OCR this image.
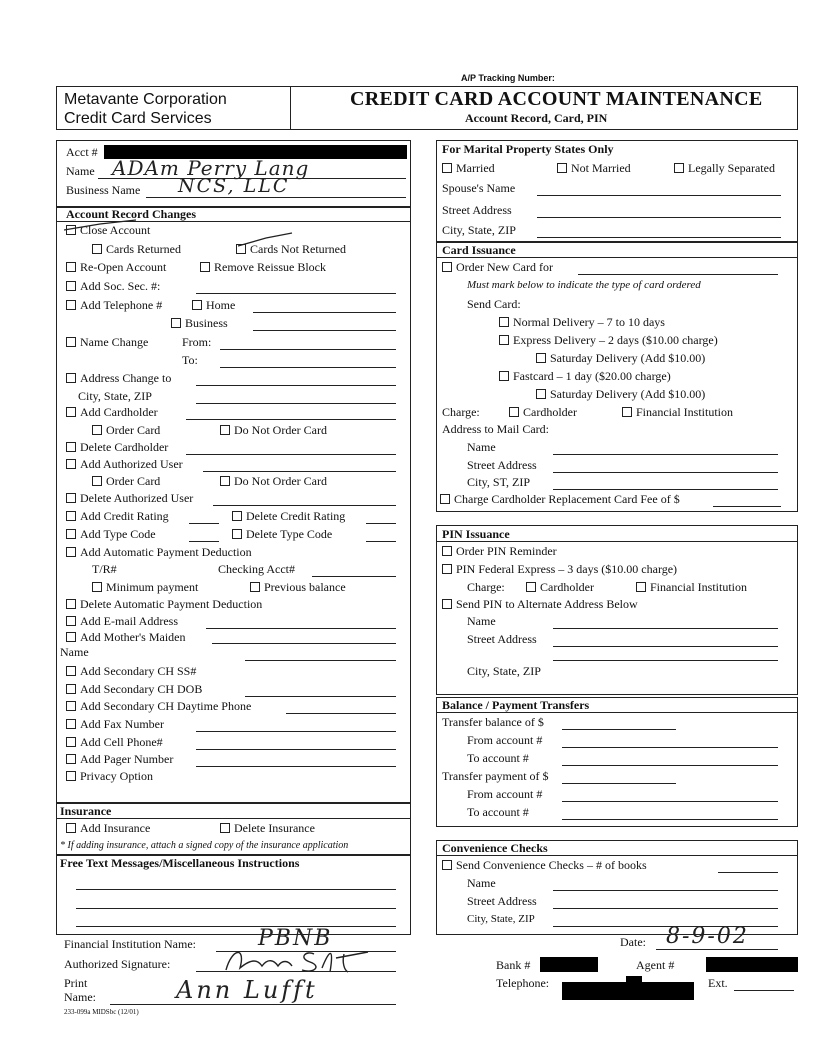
A/P Tracking Number:
Metavante Corporation
Credit Card Services
CREDIT CARD ACCOUNT MAINTENANCE
Account Record, Card, PIN
Acct #
Name ADAm Perry Lang
Business Name NCS, LLC
Account Record Changes
Close Account
Cards Returned	Cards Not Returned
Re-Open Account	Remove Reissue Block
Add Soc. Sec. #:
Add Telephone #	Home
Business
Name Change	From:
To:
Address Change to
City, State, ZIP
Add Cardholder
Order Card	Do Not Order Card
Delete Cardholder
Add Authorized User
Order Card	Do Not Order Card
Delete Authorized User
Add Credit Rating	Delete Credit Rating
Add Type Code	Delete Type Code
Add Automatic Payment Deduction
T/R#	Checking Acct#
Minimum payment	Previous balance
Delete Automatic Payment Deduction
Add E-mail Address
Add Mother's Maiden
Name
Add Secondary CH SS#
Add Secondary CH DOB
Add Secondary CH Daytime Phone
Add Fax Number
Add Cell Phone#
Add Pager Number
Privacy Option
Insurance
Add Insurance	Delete Insurance
* If adding insurance, attach a signed copy of the insurance application
Free Text Messages/Miscellaneous Instructions
For Marital Property States Only
Married	Not Married	Legally Separated
Spouse's Name
Street Address
City, State, ZIP
Card Issuance
Order New Card for
Must mark below to indicate the type of card ordered
Send Card:
Normal Delivery – 7 to 10 days
Express Delivery – 2 days ($10.00 charge)
Saturday Delivery (Add $10.00)
Fastcard – 1 day ($20.00 charge)
Saturday Delivery (Add $10.00)
Charge:	Cardholder	Financial Institution
Address to Mail Card:
Name
Street Address
City, ST, ZIP
Charge Cardholder Replacement Card Fee of $
PIN Issuance
Order PIN Reminder
PIN Federal Express – 3 days ($10.00 charge)
Charge:	Cardholder	Financial Institution
Send PIN to Alternate Address Below
Name
Street Address
City, State, ZIP
Balance / Payment Transfers
Transfer balance of $
From account #
To account #
Transfer payment of $
From account #
To account #
Convenience Checks
Send Convenience Checks – # of books
Name
Street Address
City, State, ZIP
Financial Institution Name:	PBNB
Authorized Signature:
Print
Name:	Ann Lufft
233-099a MIDSbc (12/01)
Date: 8-9-02
Bank #	Agent #
Telephone:	Ext.
